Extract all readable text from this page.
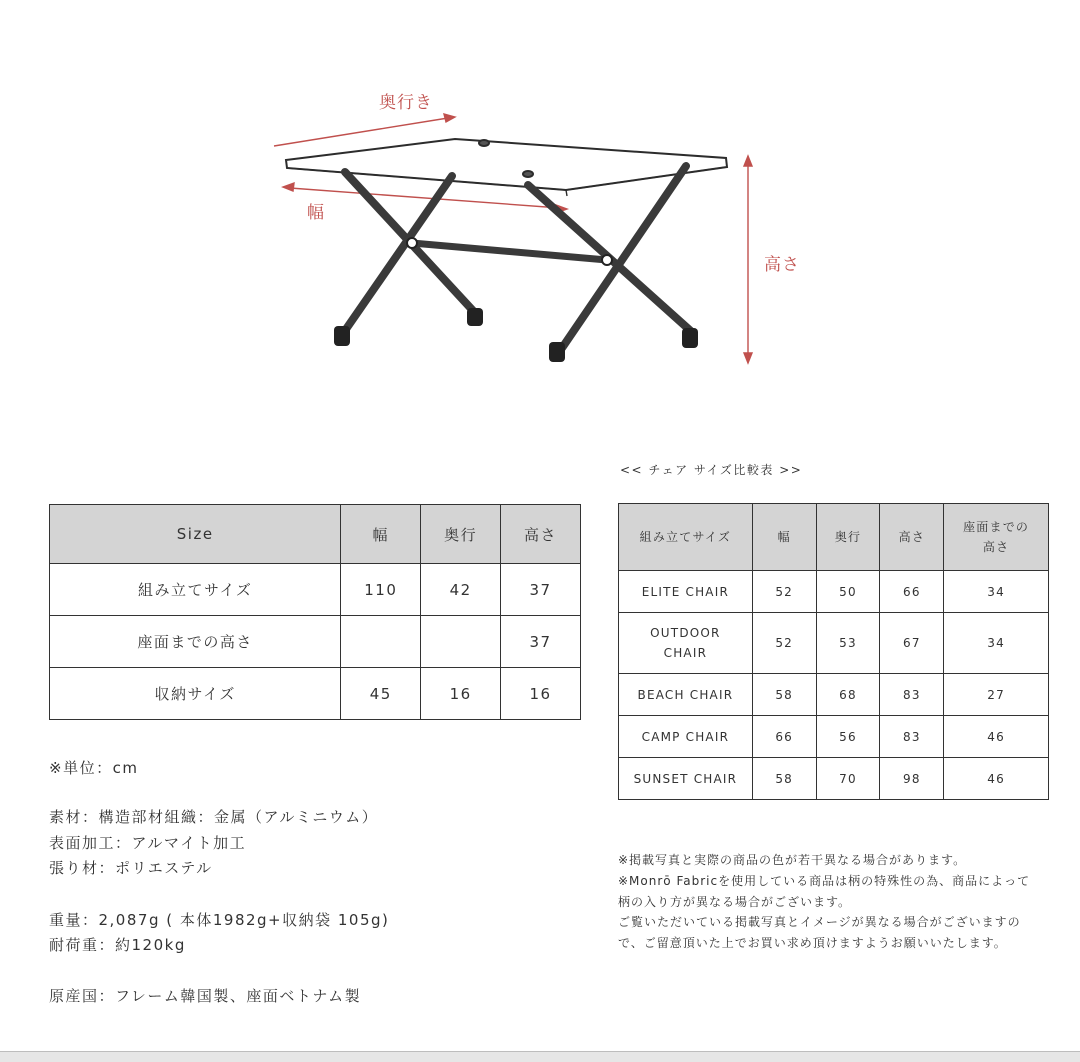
奥行き
幅
高さ
Size	幅	奥行	高さ
組み立てサイズ	110	42	37
座面までの高さ			37
収納サイズ	45	16	16
※単位：cm
素材：構造部材組織：金属（アルミニウム）
表面加工：アルマイト加工
張り材：ポリエステル
重量：2,087g ( 本体1982g+収納袋 105g)
耐荷重：約120kg
原産国：フレーム韓国製、座面ベトナム製
<< チェア サイズ比較表 >>
組み立てサイズ	幅	奥行	高さ	座面までの
高さ

ELITE CHAIR	52	50	66	34

OUTDOOR
CHAIR	52	53	67	34

BEACH CHAIR	58	68	83	27

CAMP CHAIR	66	56	83	46

SUNSET CHAIR	58	70	98	46
※掲載写真と実際の商品の色が若干異なる場合があります。
※Monrō Fabricを使用している商品は柄の特殊性の為、商品によって
柄の入り方が異なる場合がございます。
ご覧いただいている掲載写真とイメージが異なる場合がございますの
で、ご留意頂いた上でお買い求め頂けますようお願いいたします。
